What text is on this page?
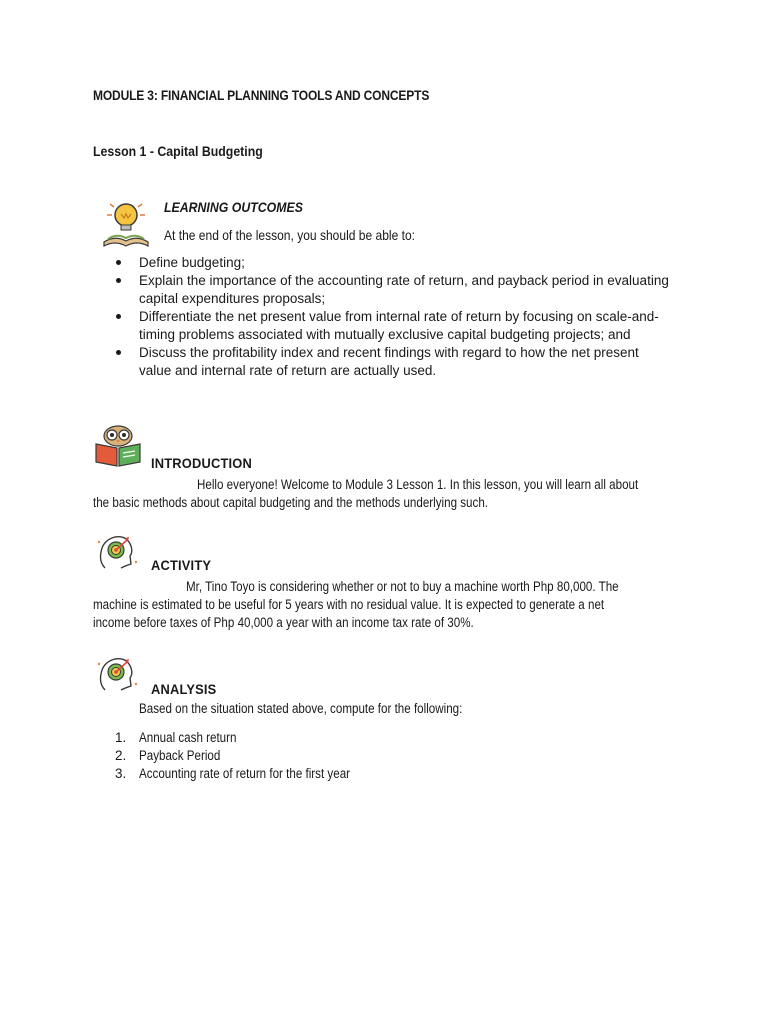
MODULE 3: FINANCIAL PLANNING TOOLS AND CONCEPTS
Lesson 1 - Capital Budgeting
LEARNING OUTCOMES
At the end of the lesson, you should be able to:
Define budgeting;
Explain the importance of the accounting rate of return, and payback period in evaluating capital expenditures proposals;
Differentiate the net present value from internal rate of return by focusing on scale-and-timing problems associated with mutually exclusive capital budgeting projects; and
Discuss the profitability index and recent findings with regard to how the net present value and internal rate of return are actually used.
INTRODUCTION
Hello everyone! Welcome to Module 3 Lesson 1. In this lesson, you will learn all about
the basic methods about capital budgeting and the methods underlying such.
ACTIVITY
Mr, Tino Toyo is considering whether or not to buy a machine worth Php 80,000. The
machine is estimated to be useful for 5 years with no residual value. It is expected to generate a net
income before taxes of Php 40,000 a year with an income tax rate of 30%.
ANALYSIS
Based on the situation stated above, compute for the following:
1. Annual cash return
2. Payback Period
3. Accounting rate of return for the first year
